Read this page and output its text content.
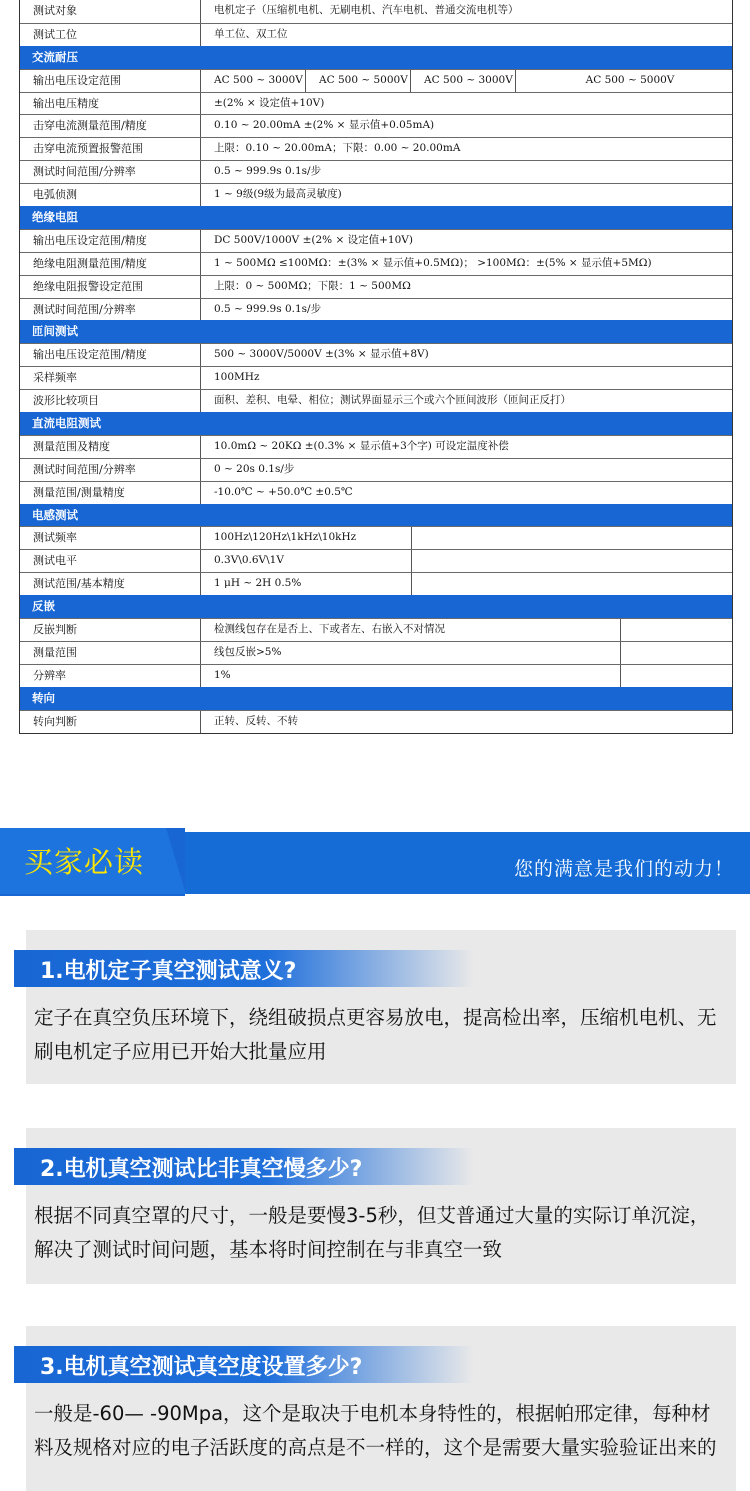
测试对象	电机定子（压缩机电机、无刷电机、汽车电机、普通交流电机等）
测试工位	单工位、双工位
交流耐压
输出电压设定范围	AC 500 ~ 3000V	AC 500 ~ 5000V	AC 500 ~ 3000V	AC 500 ~ 5000V
输出电压精度	±(2% × 设定值+10V)
击穿电流测量范围/精度	0.10 ~ 20.00mA ±(2% × 显示值+0.05mA)
击穿电流预置报警范围	上限：0.10 ~ 20.00mA；下限：0.00 ~ 20.00mA
测试时间范围/分辨率	0.5 ~ 999.9s 0.1s/步
电弧侦测	1 ~ 9级(9级为最高灵敏度)
绝缘电阻
输出电压设定范围/精度	DC 500V/1000V ±(2% × 设定值+10V)
绝缘电阻测量范围/精度	1 ~ 500MΩ ≤100MΩ：±(3% × 显示值+0.5MΩ)； >100MΩ：±(5% × 显示值+5MΩ)
绝缘电阻报警设定范围	上限：0 ~ 500MΩ；下限：1 ~ 500MΩ
测试时间范围/分辨率	0.5 ~ 999.9s 0.1s/步
匝间测试
输出电压设定范围/精度	500 ~ 3000V/5000V ±(3% × 显示值+8V)
采样频率	100MHz
波形比较项目	面积、差积、电晕、相位；测试界面显示三个或六个匝间波形（匝间正反打）
直流电阻测试
测量范围及精度	10.0mΩ ~ 20KΩ ±(0.3% × 显示值+3个字) 可设定温度补偿
测试时间范围/分辨率	0 ~ 20s 0.1s/步
测量范围/测量精度	-10.0℃ ~ +50.0℃ ±0.5℃
电感测试
测试频率	100Hz\120Hz\1kHz\10kHz
测试电平	0.3V\0.6V\1V
测试范围/基本精度	1 μH ~ 2H 0.5%
反嵌
反嵌判断	检测线包存在是否上、下或者左、右嵌入不对情况
测量范围	线包反嵌>5%
分辨率	1%
转向
转向判断	正转、反转、不转
买家必读	您的满意是我们的动力！
1.电机定子真空测试意义?
定子在真空负压环境下，绕组破损点更容易放电，提高检出率，压缩机电机、无刷电机定子应用已开始大批量应用
2.电机真空测试比非真空慢多少?
根据不同真空罩的尺寸，一般是要慢3-5秒，但艾普通过大量的实际订单沉淀，解决了测试时间问题，基本将时间控制在与非真空一致
3.电机真空测试真空度设置多少?
一般是-60— -90Mpa，这个是取决于电机本身特性的，根据帕邢定律，每种材料及规格对应的电子活跃度的高点是不一样的，这个是需要大量实验验证出来的
